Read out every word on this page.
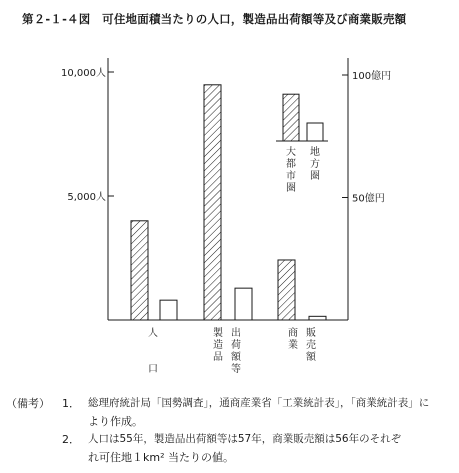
第２-１-４図　可住地面積当たりの人口，製造品出荷額等及び商業販売額
10,000人
5,000人
100億円
50億円
人
口
製
造
品
出
荷
額
等
商
業
販
売
額
大
都
市
圏
地
方
圏
（備考） 1． 総理府統計局「国勢調査」，通商産業省「工業統計表」，「商業統計表」に
より作成。
2． 人口は55年，製造品出荷額等は57年，商業販売額は56年のそれぞ
れ可住地１km² 当たりの値。
